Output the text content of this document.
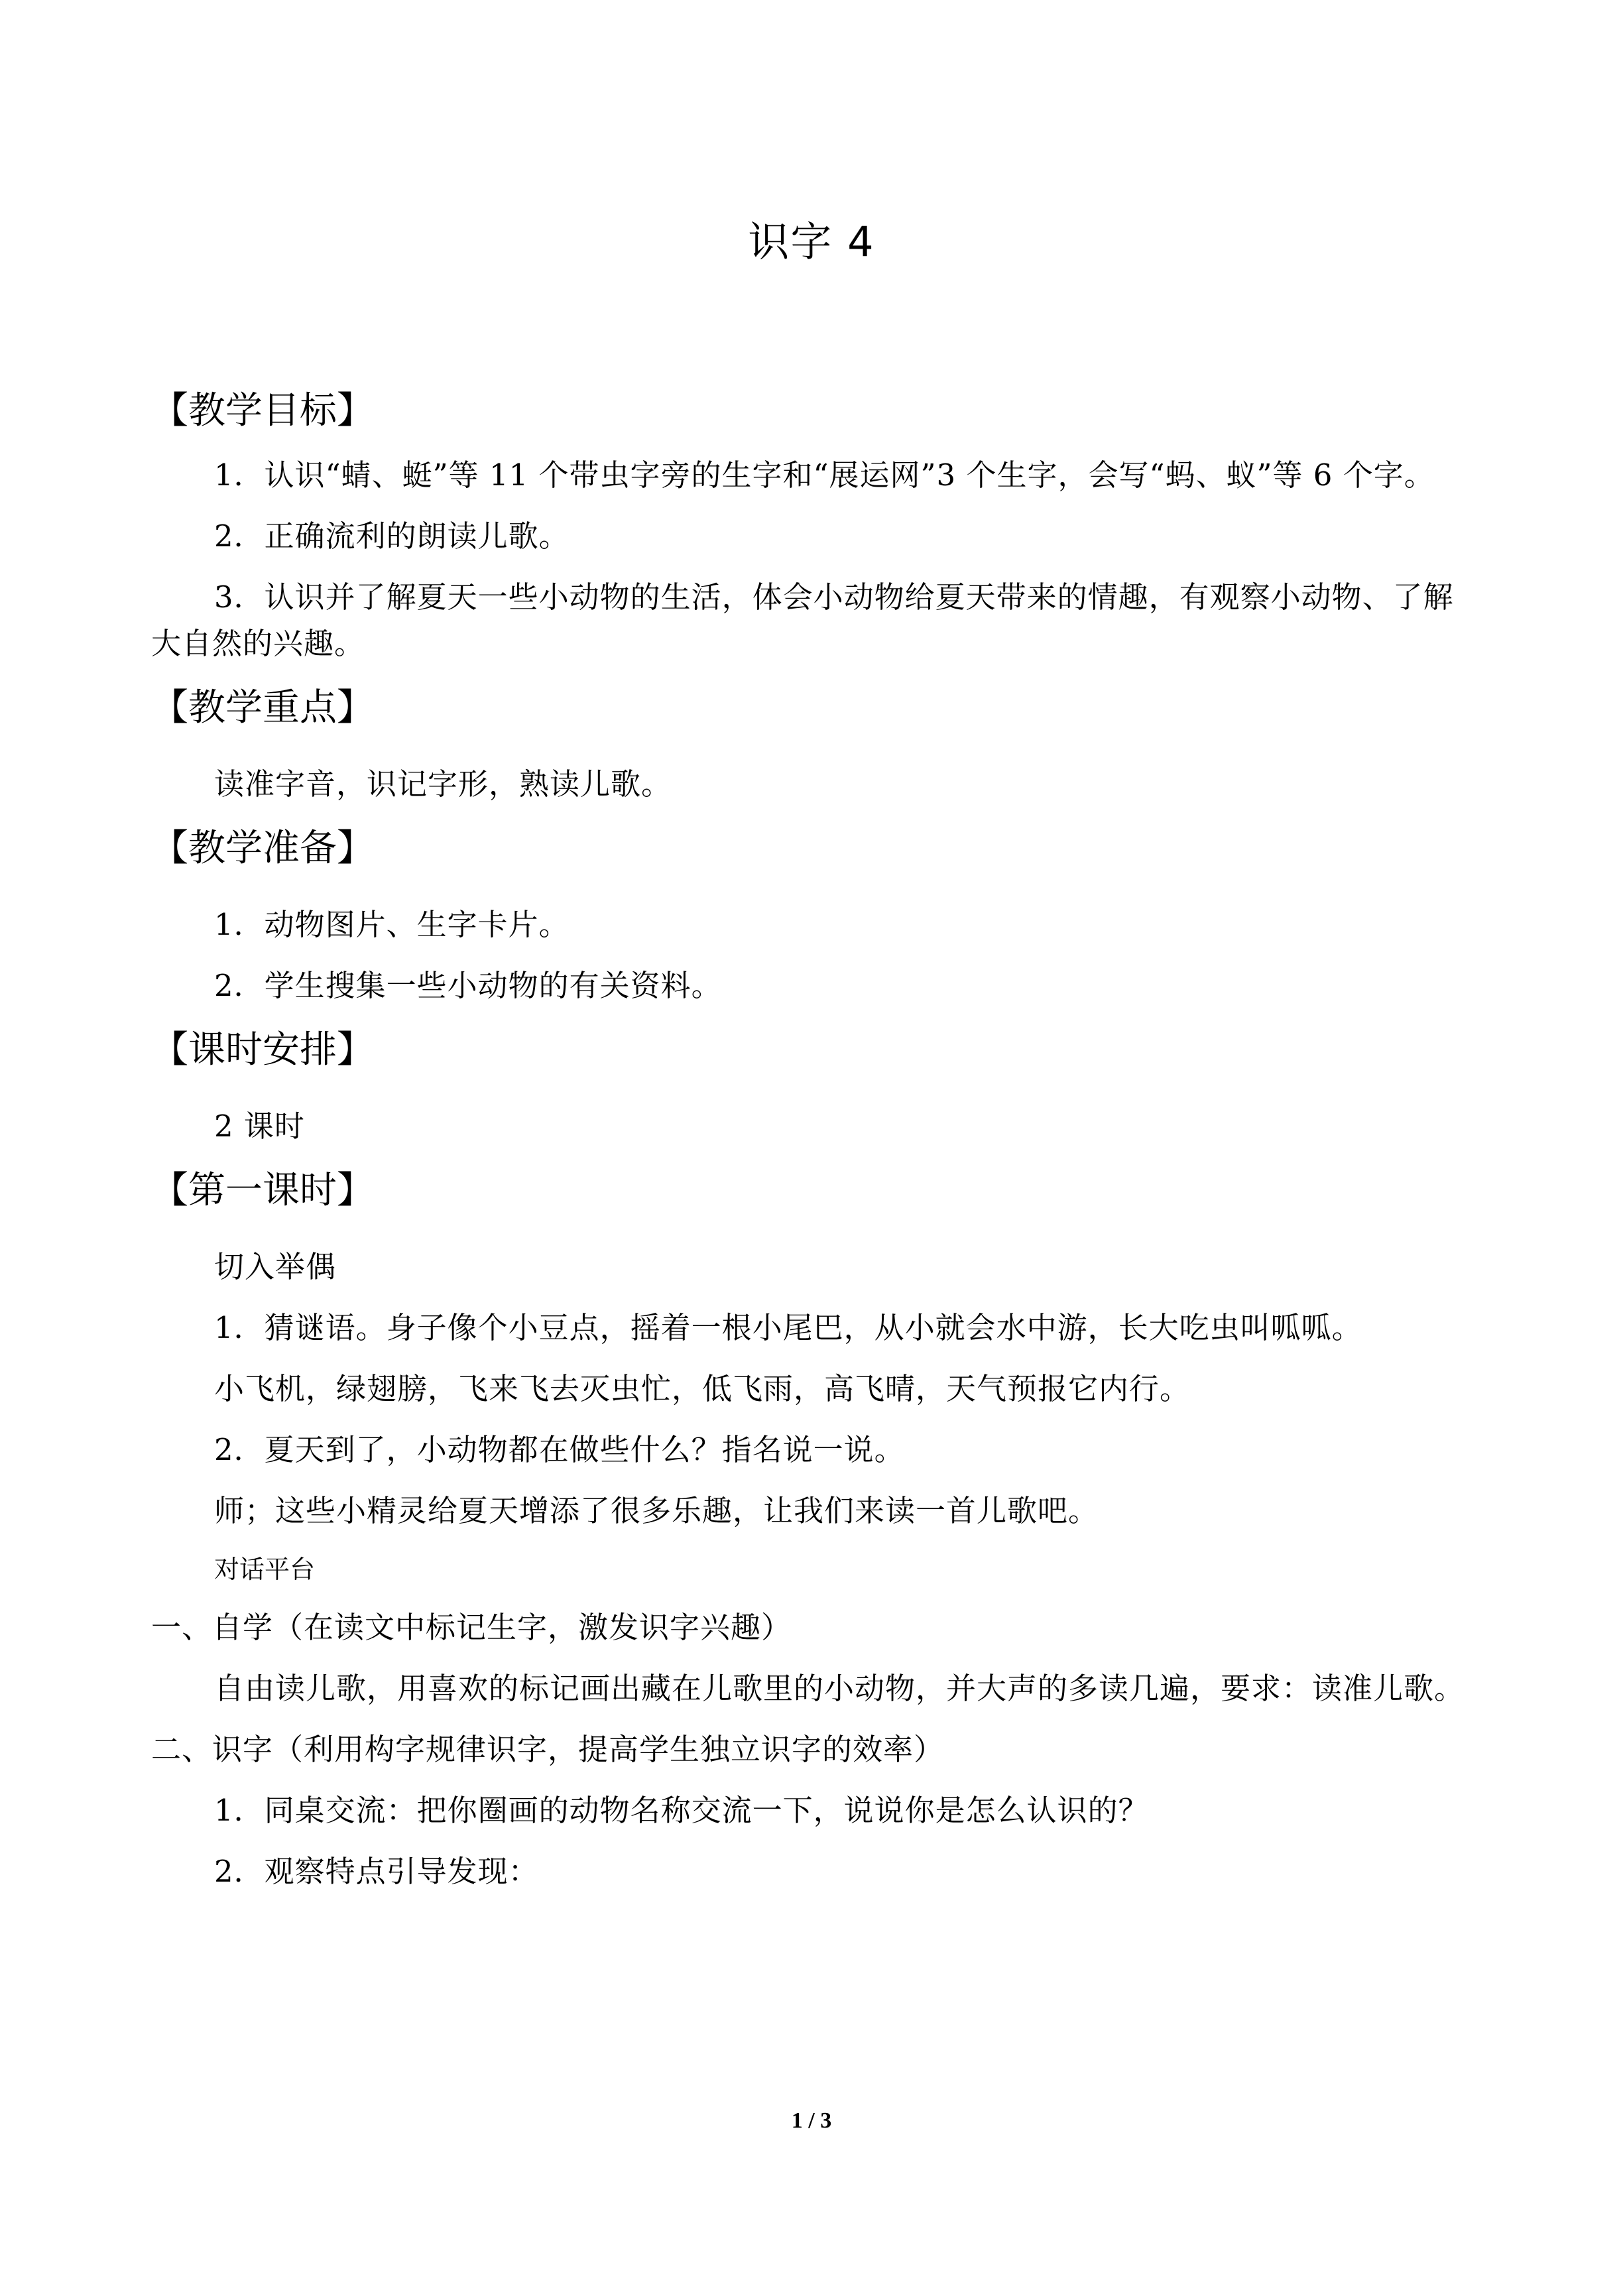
识字 4
【教学目标】
1．认识“蜻、蜓”等 11 个带虫字旁的生字和“展运网”3 个生字，会写“蚂、蚁”等 6 个字。
2．正确流利的朗读儿歌。
3．认识并了解夏天一些小动物的生活，体会小动物给夏天带来的情趣，有观察小动物、了解大自然的兴趣。
【教学重点】
读准字音，识记字形，熟读儿歌。
【教学准备】
1．动物图片、生字卡片。
2．学生搜集一些小动物的有关资料。
【课时安排】
2 课时
【第一课时】
切入举偶
1．猜谜语。身子像个小豆点，摇着一根小尾巴，从小就会水中游，长大吃虫叫呱呱。
小飞机，绿翅膀，飞来飞去灭虫忙，低飞雨，高飞晴，天气预报它内行。
2．夏天到了，小动物都在做些什么？指名说一说。
师；这些小精灵给夏天增添了很多乐趣，让我们来读一首儿歌吧。
对话平台
一、自学（在读文中标记生字，激发识字兴趣）
自由读儿歌，用喜欢的标记画出藏在儿歌里的小动物，并大声的多读几遍，要求：读准儿歌。
二、识字（利用构字规律识字，提高学生独立识字的效率）
1．同桌交流：把你圈画的动物名称交流一下，说说你是怎么认识的？
2．观察特点引导发现：
1 / 3
